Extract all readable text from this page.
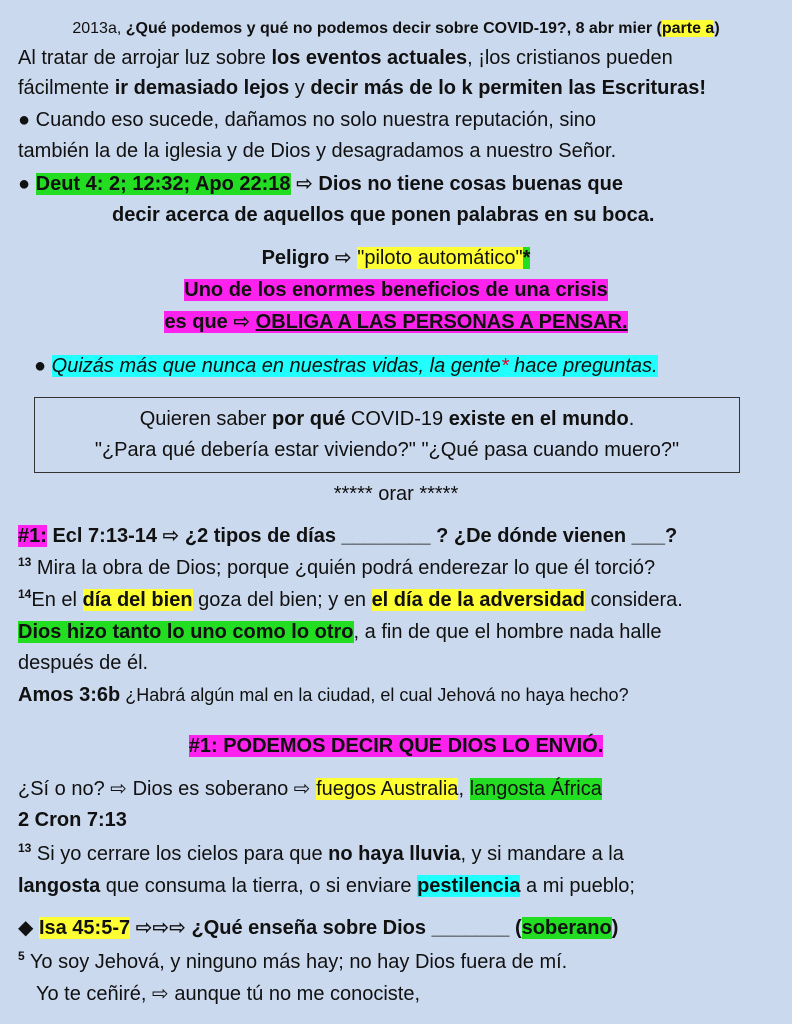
2013a, ¿Qué podemos y qué no podemos decir sobre COVID-19?, 8 abr mier (parte a)
Al tratar de arrojar luz sobre los eventos actuales, ¡los cristianos pueden
fácilmente ir demasiado lejos y decir más de lo k permiten las Escrituras!
● Cuando eso sucede, dañamos no solo nuestra reputación, sino
también la de la iglesia y de Dios y desagradamos a nuestro Señor.
● Deut 4: 2; 12:32; Apo 22:18 ⇨ Dios no tiene cosas buenas que
decir acerca de aquellos que ponen palabras en su boca.
Peligro ⇨ "piloto automático"*
Uno de los enormes beneficios de una crisis
es que ⇨ OBLIGA A LAS PERSONAS A PENSAR.
● Quizás más que nunca en nuestras vidas, la gente* hace preguntas.
Quieren saber por qué COVID-19 existe en el mundo.
"¿Para qué debería estar viviendo?" "¿Qué pasa cuando muero?"
***** orar *****
#1: Ecl 7:13-14 ⇨ ¿2 tipos de días ________ ? ¿De dónde vienen ___?
$^{13}$ Mira la obra de Dios; porque ¿quién podrá enderezar lo que él torció?
$^{14}$En el día del bien goza del bien; y en el día de la adversidad considera.
Dios hizo tanto lo uno como lo otro, a fin de que el hombre nada halle
después de él.
Amos 3:6b ¿Habrá algún mal en la ciudad, el cual Jehová no haya hecho?
#1: PODEMOS DECIR QUE DIOS LO ENVIÓ.
¿Sí o no? ⇨ Dios es soberano ⇨ fuegos Australia, langosta África
2 Cron 7:13
$^{13}$ Si yo cerrare los cielos para que no haya lluvia, y si mandare a la
langosta que consuma la tierra, o si enviare pestilencia a mi pueblo;
◆ Isa 45:5-7 ⇨⇨⇨ ¿Qué enseña sobre Dios _______ (soberano)
$^5$ Yo soy Jehová, y ninguno más hay; no hay Dios fuera de mí.
Yo te ceñiré, ⇨ aunque tú no me conociste,
